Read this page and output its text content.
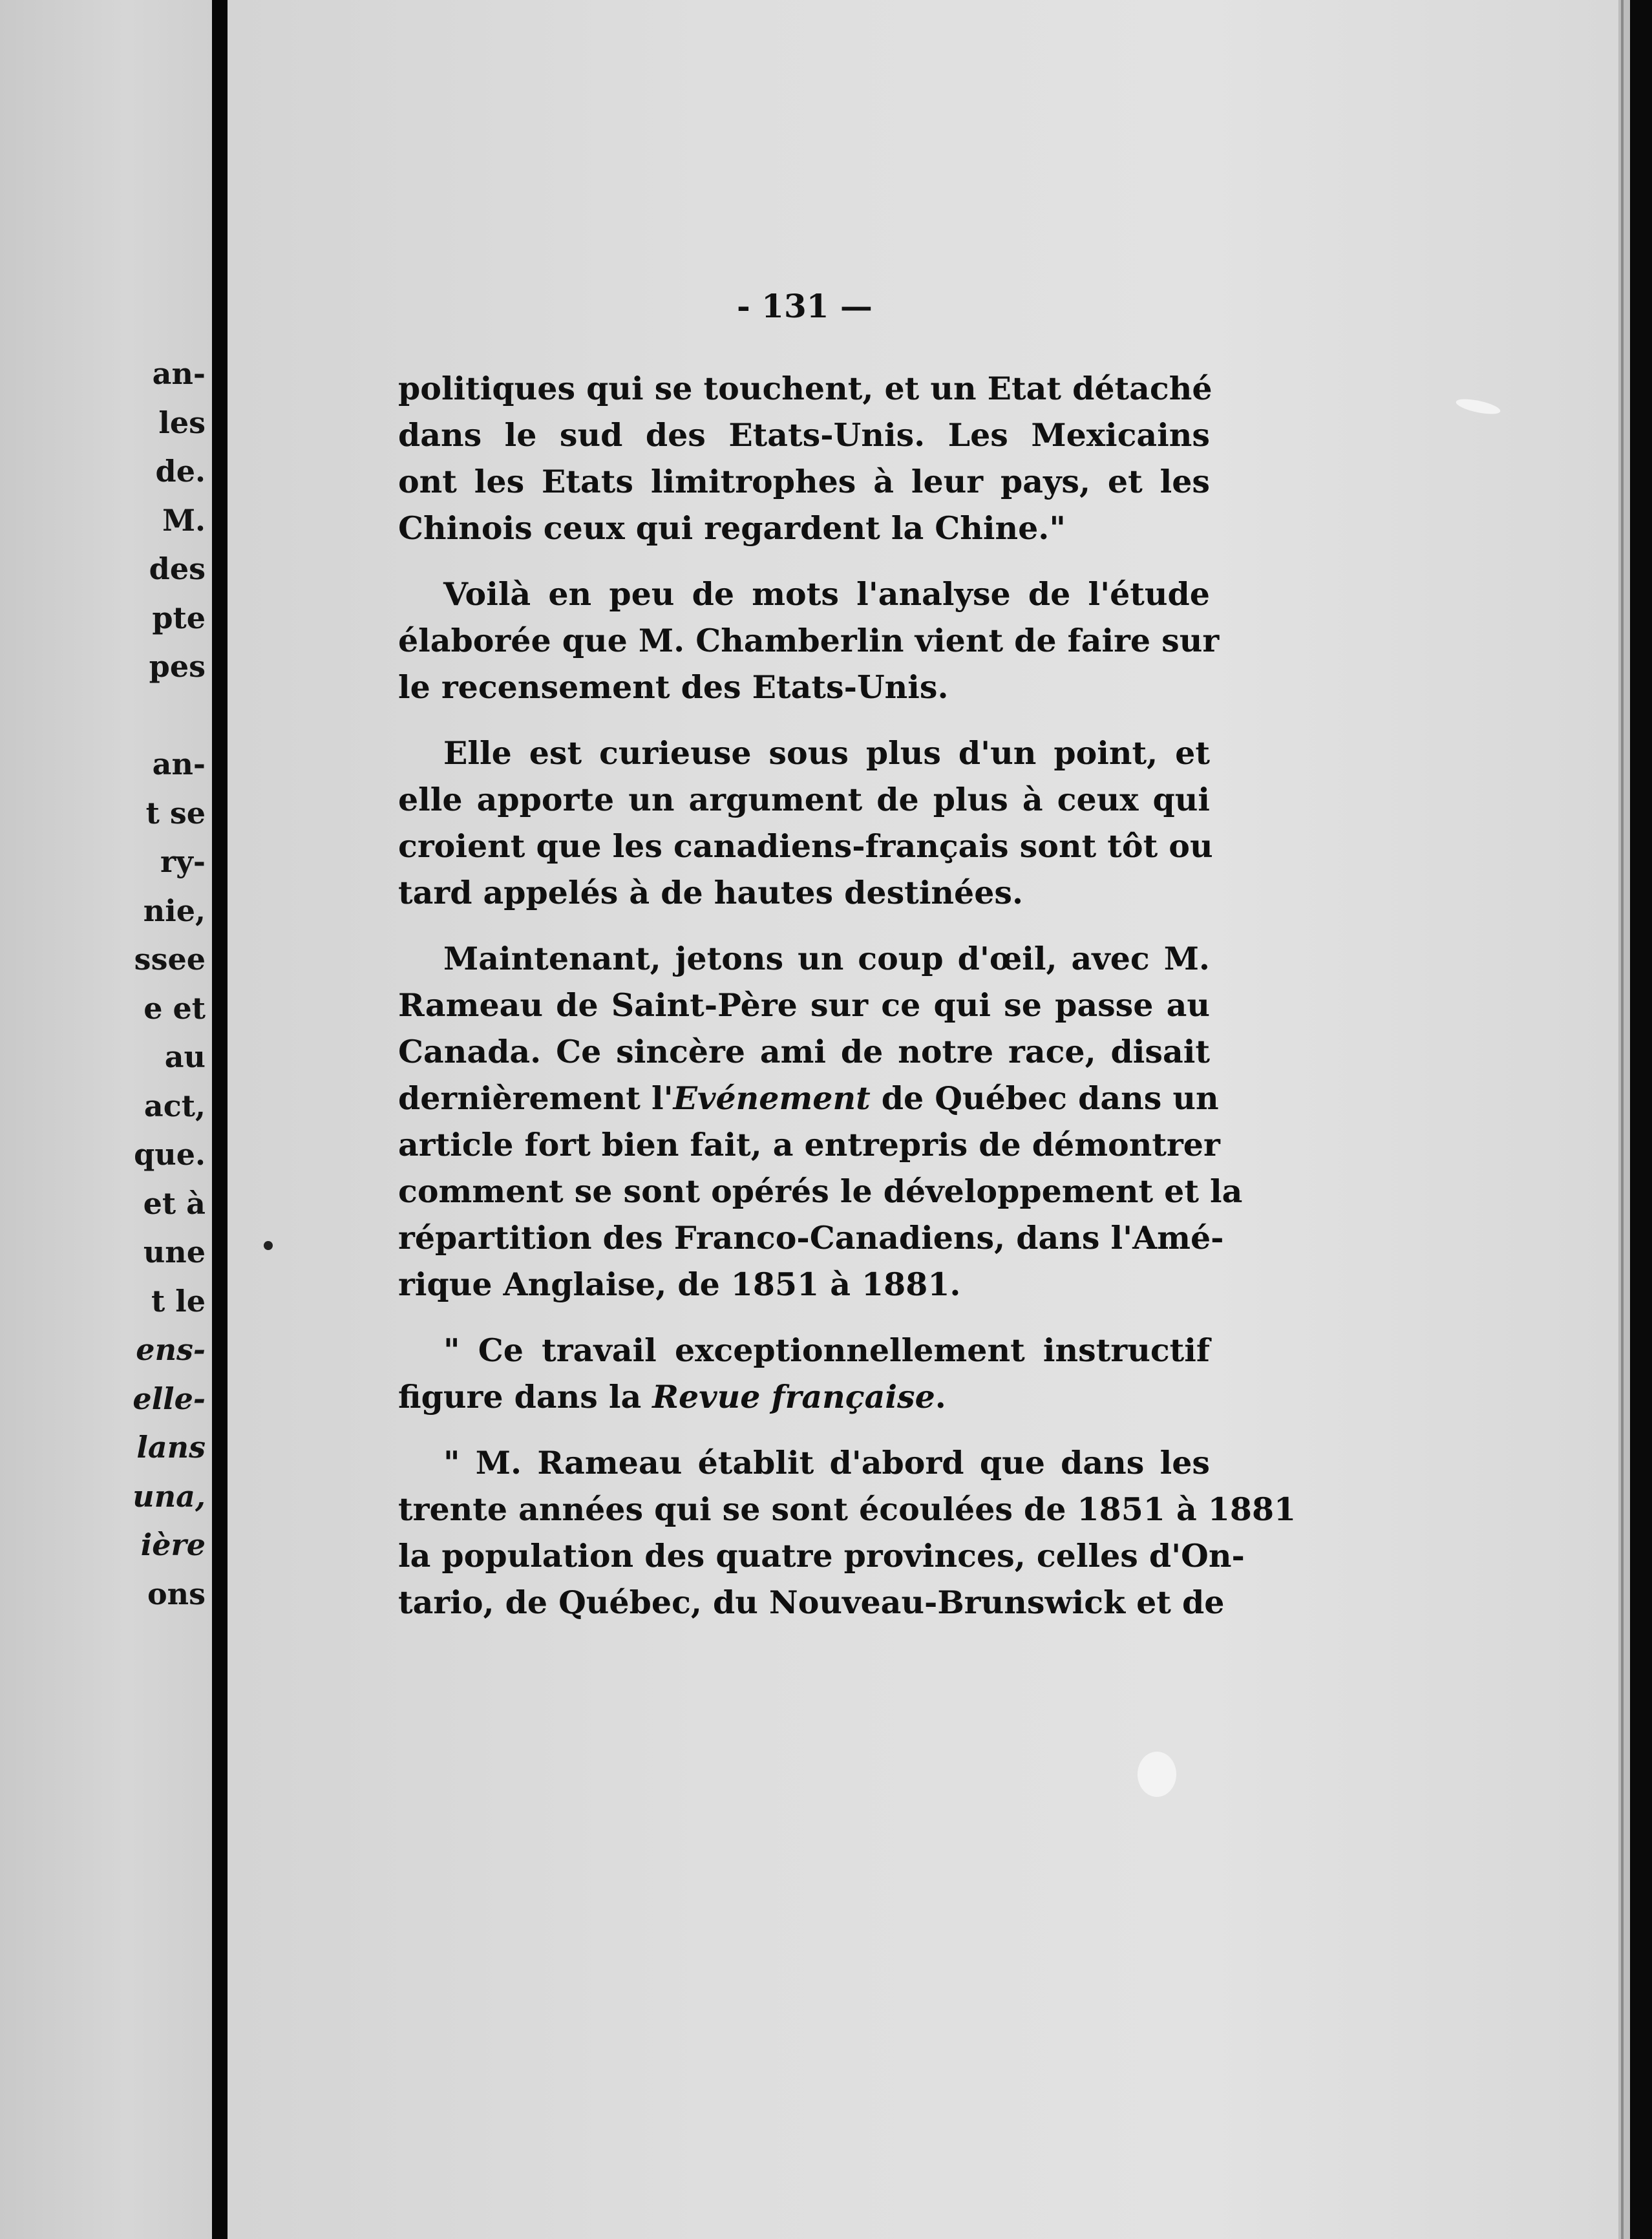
an-
les
de.
M.
des
pte
pes
an-
t se
ry-
nie,
ssee
e et
au
act,
que.
et à
une
t le
ens-
elle-
lans
una,
ière
ons
- 131 —
politiques qui se touchent, et un Etat détaché
dans le sud des Etats-Unis. Les Mexicains
ont les Etats limitrophes à leur pays, et les
Chinois ceux qui regardent la Chine."
Voilà en peu de mots l'analyse de l'étude
élaborée que M. Chamberlin vient de faire sur
le recensement des Etats-Unis.
Elle est curieuse sous plus d'un point, et
elle apporte un argument de plus à ceux qui
croient que les canadiens-français sont tôt ou
tard appelés à de hautes destinées.
Maintenant, jetons un coup d'œil, avec M.
Rameau de Saint-Père sur ce qui se passe au
Canada. Ce sincère ami de notre race, disait
dernièrement l'Evénement de Québec dans un
article fort bien fait, a entrepris de démontrer
comment se sont opérés le développement et la
répartition des Franco-Canadiens, dans l'Amé-
rique Anglaise, de 1851 à 1881.
" Ce travail exceptionnellement instructif
figure dans la Revue française.
" M. Rameau établit d'abord que dans les
trente années qui se sont écoulées de 1851 à 1881
la population des quatre provinces, celles d'On-
tario, de Québec, du Nouveau-Brunswick et de
